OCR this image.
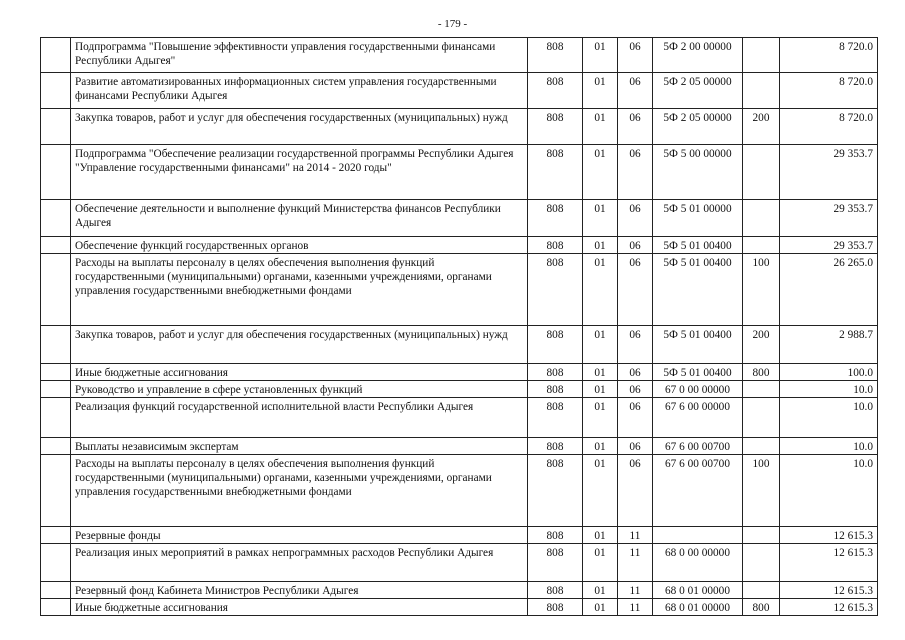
- 179 -
	Подпрограмма "Повышение эффективности управления государственными финансами Республики Адыгея"	808	01	06	5Ф 2 00 00000		8 720.0
	Развитие автоматизированных информационных систем управления государственными финансами Республики Адыгея	808	01	06	5Ф 2 05 00000		8 720.0
	Закупка товаров, работ и услуг для обеспечения государственных (муниципальных) нужд	808	01	06	5Ф 2 05 00000	200	8 720.0
	Подпрограмма "Обеспечение реализации государственной программы Республики Адыгея "Управление государственными финансами" на 2014 - 2020 годы"	808	01	06	5Ф 5 00 00000		29 353.7
	Обеспечение деятельности и выполнение функций Министерства финансов Республики Адыгея	808	01	06	5Ф 5 01 00000		29 353.7
	Обеспечение функций государственных органов	808	01	06	5Ф 5 01 00400		29 353.7
	Расходы на выплаты персоналу в целях обеспечения выполнения функций государственными (муниципальными) органами, казенными учреждениями, органами управления государственными внебюджетными фондами	808	01	06	5Ф 5 01 00400	100	26 265.0
	Закупка товаров, работ и услуг для обеспечения государственных (муниципальных) нужд	808	01	06	5Ф 5 01 00400	200	2 988.7
	Иные бюджетные ассигнования	808	01	06	5Ф 5 01 00400	800	100.0
	Руководство и управление в сфере установленных функций	808	01	06	67 0 00 00000		10.0
	Реализация функций государственной исполнительной власти Республики Адыгея	808	01	06	67 6 00 00000		10.0
	Выплаты независимым экспертам	808	01	06	67 6 00 00700		10.0
	Расходы на выплаты персоналу в целях обеспечения выполнения функций государственными (муниципальными) органами, казенными учреждениями, органами управления государственными внебюджетными фондами	808	01	06	67 6 00 00700	100	10.0
	Резервные фонды	808	01	11			12 615.3
	Реализация иных мероприятий в рамках непрограммных расходов Республики Адыгея	808	01	11	68 0 00 00000		12 615.3
	Резервный фонд Кабинета Министров Республики Адыгея	808	01	11	68 0 01 00000		12 615.3
	Иные бюджетные ассигнования	808	01	11	68 0 01 00000	800	12 615.3
